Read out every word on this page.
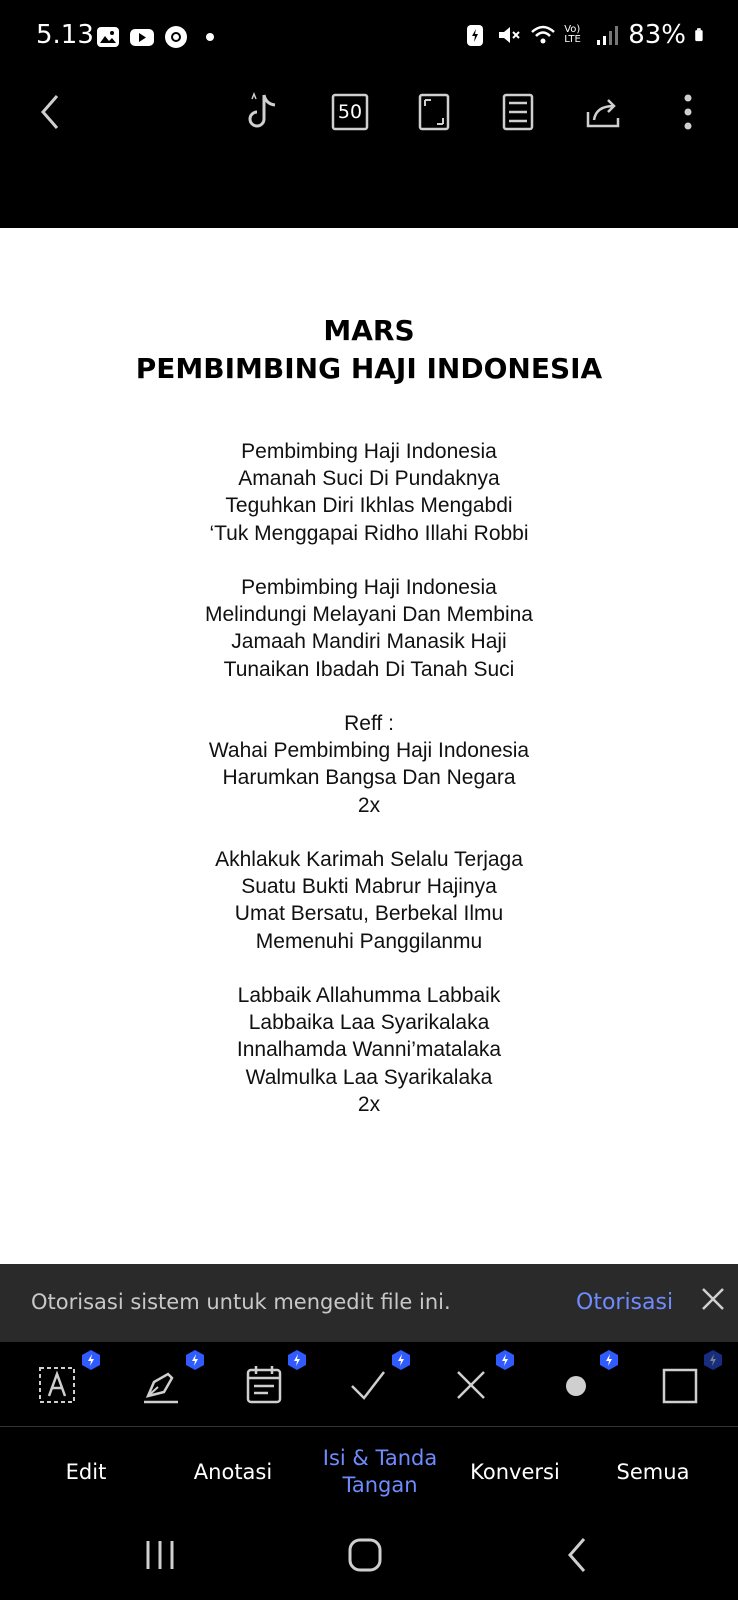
5.13	Vo) LTE 83%
50
MARS
PEMBIMBING HAJI INDONESIA
Pembimbing Haji Indonesia
Amanah Suci Di Pundaknya
Teguhkan Diri Ikhlas Mengabdi
‘Tuk Menggapai Ridho Illahi Robbi
Pembimbing Haji Indonesia
Melindungi Melayani Dan Membina
Jamaah Mandiri Manasik Haji
Tunaikan Ibadah Di Tanah Suci
Reff :
Wahai Pembimbing Haji Indonesia
Harumkan Bangsa Dan Negara
2x
Akhlakuk Karimah Selalu Terjaga
Suatu Bukti Mabrur Hajinya
Umat Bersatu, Berbekal Ilmu
Memenuhi Panggilanmu
Labbaik Allahumma Labbaik
Labbaika Laa Syarikalaka
Innalhamda Wanni’matalaka
Walmulka Laa Syarikalaka
2x
Otorisasi sistem untuk mengedit file ini.	Otorisasi
Edit	Anotasi
Isi & Tanda
Tangan
Konversi	Semua
